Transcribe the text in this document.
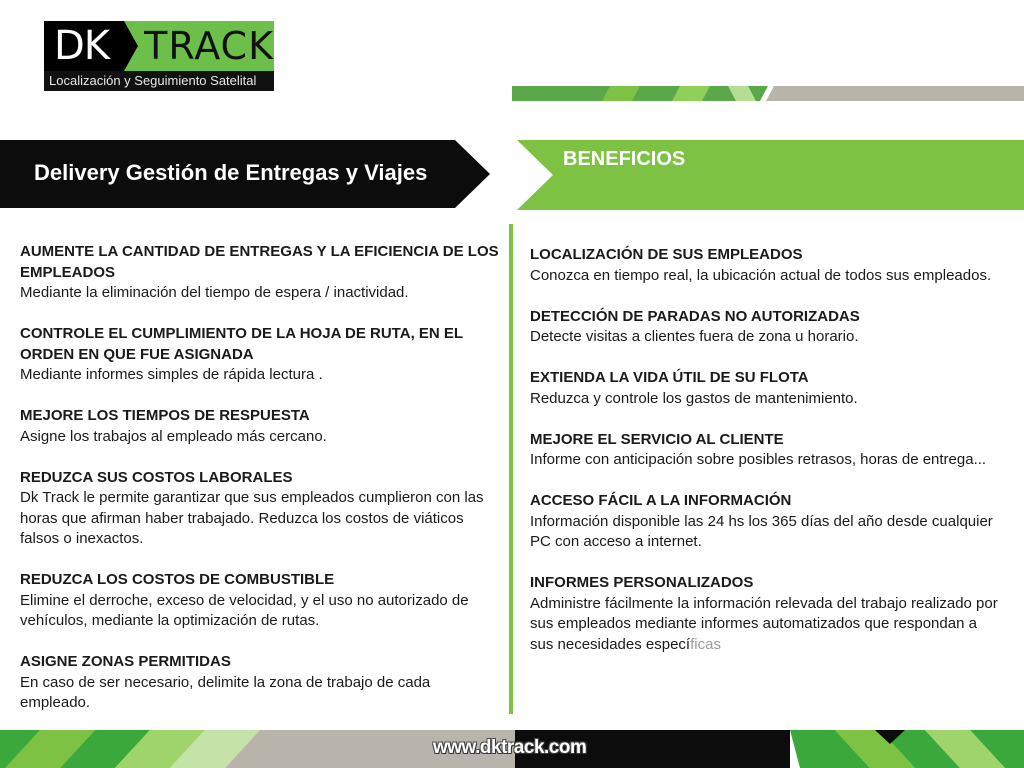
DK TRACK
Localización y Seguimiento Satelital
Delivery Gestión de Entregas y Viajes
BENEFICIOS
AUMENTE LA CANTIDAD DE ENTREGAS Y LA EFICIENCIA DE LOS EMPLEADOS
Mediante la eliminación del tiempo de espera / inactividad.
CONTROLE EL CUMPLIMIENTO DE LA HOJA DE RUTA, EN EL ORDEN EN QUE FUE ASIGNADA
Mediante informes simples de rápida lectura .
MEJORE LOS TIEMPOS DE RESPUESTA
Asigne los trabajos al empleado más cercano.
REDUZCA SUS COSTOS LABORALES
Dk Track le permite garantizar que sus empleados cumplieron con las horas que afirman haber trabajado. Reduzca los costos de viáticos falsos o inexactos.
REDUZCA LOS COSTOS DE COMBUSTIBLE
Elimine el derroche, exceso de velocidad, y el uso no autorizado de vehículos, mediante la optimización de rutas.
ASIGNE ZONAS PERMITIDAS
En caso de ser necesario, delimite la zona de trabajo de cada empleado.
LOCALIZACIÓN DE SUS EMPLEADOS
Conozca en tiempo real, la ubicación actual de todos sus empleados.
DETECCIÓN DE PARADAS NO AUTORIZADAS
Detecte visitas a clientes fuera de zona u horario.
EXTIENDA LA VIDA ÚTIL DE SU FLOTA
Reduzca y controle los gastos de mantenimiento.
MEJORE EL SERVICIO AL CLIENTE
Informe con anticipación sobre posibles retrasos, horas de entrega...
ACCESO FÁCIL A LA INFORMACIÓN
Información disponible las 24 hs los 365 días del año desde cualquier PC con acceso a internet.
INFORMES PERSONALIZADOS
Administre fácilmente la información relevada del trabajo realizado por sus empleados mediante informes automatizados que respondan a sus necesidades específicas
www.dktrack.com
